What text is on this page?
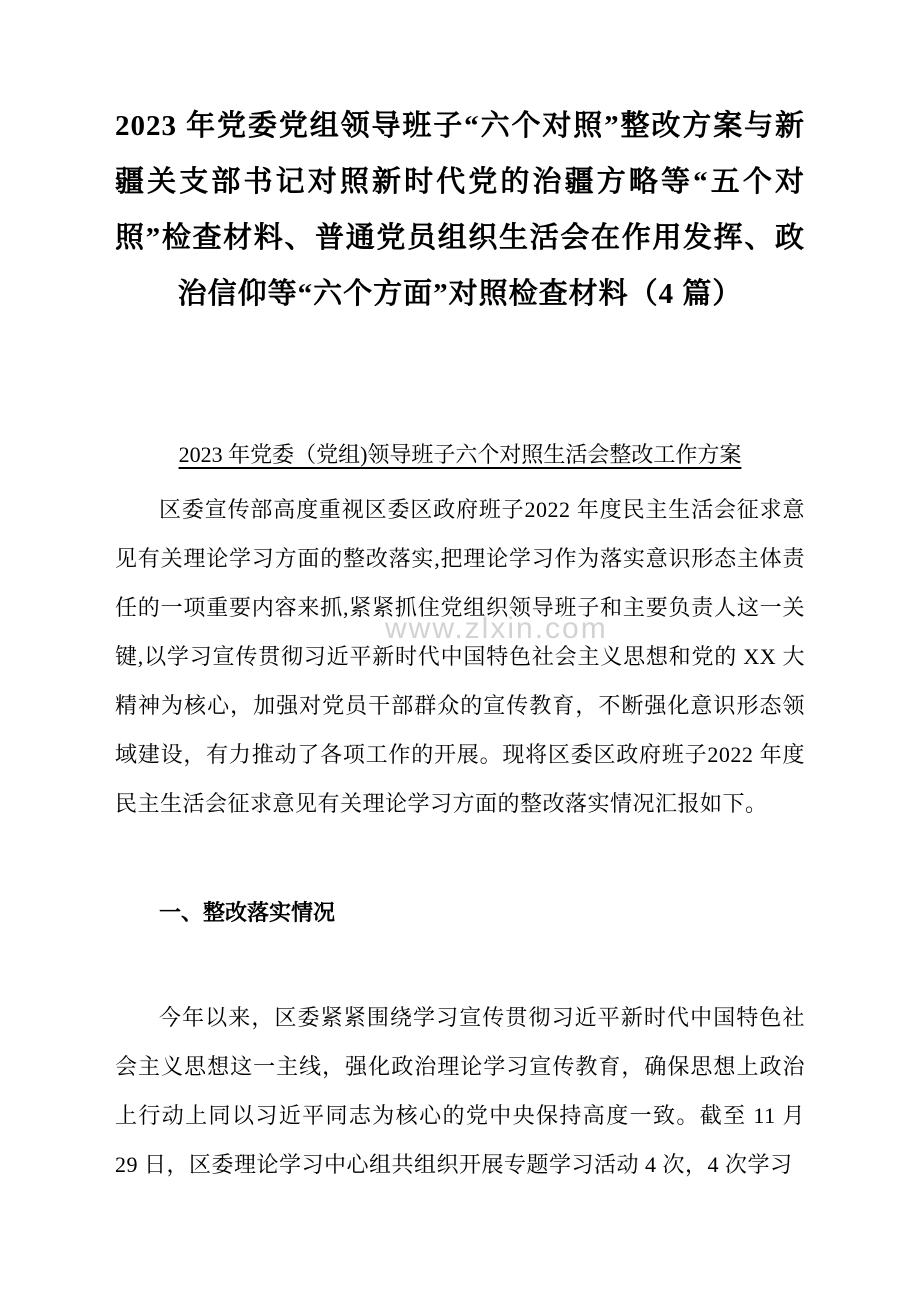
2023 年党委党组领导班子“六个对照”整改方案与新疆关支部书记对照新时代党的治疆方略等“五个对照”检查材料、普通党员组织生活会在作用发挥、政治信仰等“六个方面”对照检查材料（4 篇）
2023 年党委（党组)领导班子六个对照生活会整改工作方案

区委宣传部高度重视区委区政府班子2022 年度民主生活会征求意见有关理论学习方面的整改落实,把理论学习作为落实意识形态主体责任的一项重要内容来抓,紧紧抓住党组织领导班子和主要负责人这一关键,以学习宣传贯彻习近平新时代中国特色社会主义思想和党的 XX 大精神为核心，加强对党员干部群众的宣传教育，不断强化意识形态领域建设，有力推动了各项工作的开展。现将区委区政府班子2022 年度民主生活会征求意见有关理论学习方面的整改落实情况汇报如下。

一、整改落实情况

今年以来，区委紧紧围绕学习宣传贯彻习近平新时代中国特色社会主义思想这一主线，强化政治理论学习宣传教育，确保思想上政治上行动上同以习近平同志为核心的党中央保持高度一致。截至 11 月 29 日，区委理论学习中心组共组织开展专题学习活动 4 次，4 次学习

www.zlxin.com
